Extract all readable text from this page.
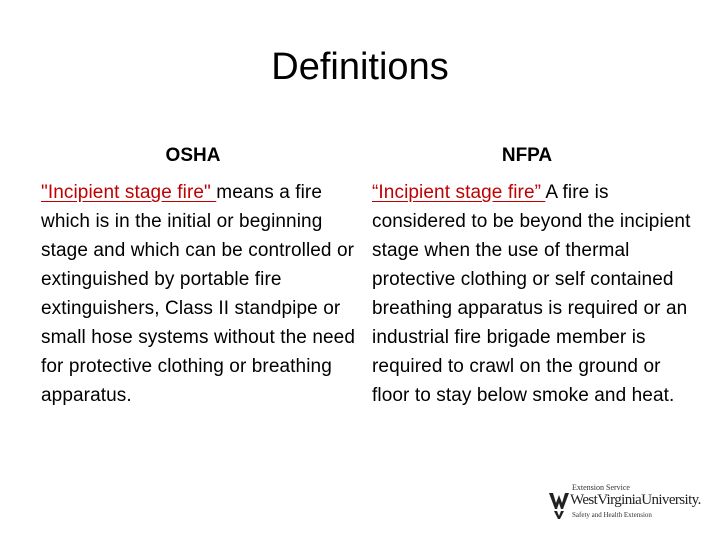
Definitions
OSHA
"Incipient stage fire" means a fire which is in the initial or beginning stage and which can be controlled or extinguished by portable fire extinguishers, Class II standpipe or small hose systems without the need for protective clothing or breathing apparatus.
NFPA
“Incipient stage fire” A fire is considered to be beyond the incipient stage when the use of thermal protective clothing or self contained breathing apparatus is required or an industrial fire brigade member is required to crawl on the ground or floor to stay below smoke and heat.
Extension Service
WestVirginiaUniversity.
Safety and Health Extension
